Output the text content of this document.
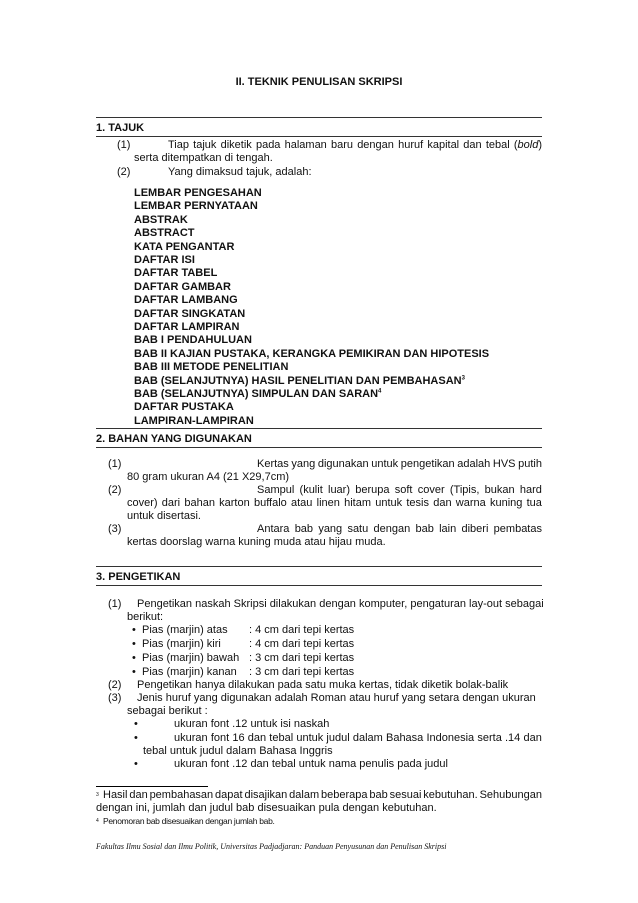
II. TEKNIK PENULISAN SKRIPSI
1. TAJUK
(1)	Tiap tajuk diketik pada halaman baru dengan huruf kapital dan tebal (bold)
serta ditempatkan di tengah.
(2)	Yang dimaksud tajuk, adalah:
LEMBAR PENGESAHAN
LEMBAR PERNYATAAN
ABSTRAK
ABSTRACT
KATA PENGANTAR
DAFTAR ISI
DAFTAR TABEL
DAFTAR GAMBAR
DAFTAR LAMBANG
DAFTAR SINGKATAN
DAFTAR LAMPIRAN
BAB I PENDAHULUAN
BAB II KAJIAN PUSTAKA, KERANGKA PEMIKIRAN DAN HIPOTESIS
BAB III METODE PENELITIAN
BAB (SELANJUTNYA) HASIL PENELITIAN DAN PEMBAHASAN$^3$
BAB (SELANJUTNYA) SIMPULAN DAN SARAN$^4$
DAFTAR PUSTAKA
LAMPIRAN-LAMPIRAN
2. BAHAN YANG DIGUNAKAN
(1)	Kertas yang digunakan untuk pengetikan adalah HVS putih
80 gram ukuran A4 (21 X29,7cm)
(2)	Sampul (kulit luar) berupa soft cover (Tipis, bukan hard
cover) dari bahan karton buffalo atau linen hitam untuk tesis dan warna kuning tua
untuk disertasi.
(3)	Antara bab yang satu dengan bab lain diberi pembatas
kertas doorslag warna kuning muda atau hijau muda.
3. PENGETIKAN
(1) Pengetikan naskah Skripsi dilakukan dengan komputer, pengaturan lay-out sebagai
berikut:
• Pias (marjin) atas : 4 cm dari tepi kertas
• Pias (marjin) kiri	: 4 cm dari tepi kertas
• Pias (marjin) bawah : 3 cm dari tepi kertas
• Pias (marjin) kanan : 3 cm dari tepi kertas
(2) Pengetikan hanya dilakukan pada satu muka kertas, tidak diketik bolak-balik
(3) Jenis huruf yang digunakan adalah Roman atau huruf yang setara dengan ukuran
sebagai berikut :
•	ukuran font .12 untuk isi naskah
•	ukuran font 16 dan tebal untuk judul dalam Bahasa Indonesia serta .14 dan
tebal untuk judul dalam Bahasa Inggris
•	ukuran font .12 dan tebal untuk nama penulis pada judul
3 Hasil dan pembahasan dapat disajikan dalam beberapa bab sesuai kebutuhan. Sehubungan
dengan ini, jumlah dan judul bab disesuaikan pula dengan kebutuhan.
4 Penomoran bab disesuaikan dengan jumlah bab.
Fakultas Ilmu Sosial dan Ilmu Politik, Universitas Padjadjaran: Panduan Penyusunan dan Penulisan Skripsi
